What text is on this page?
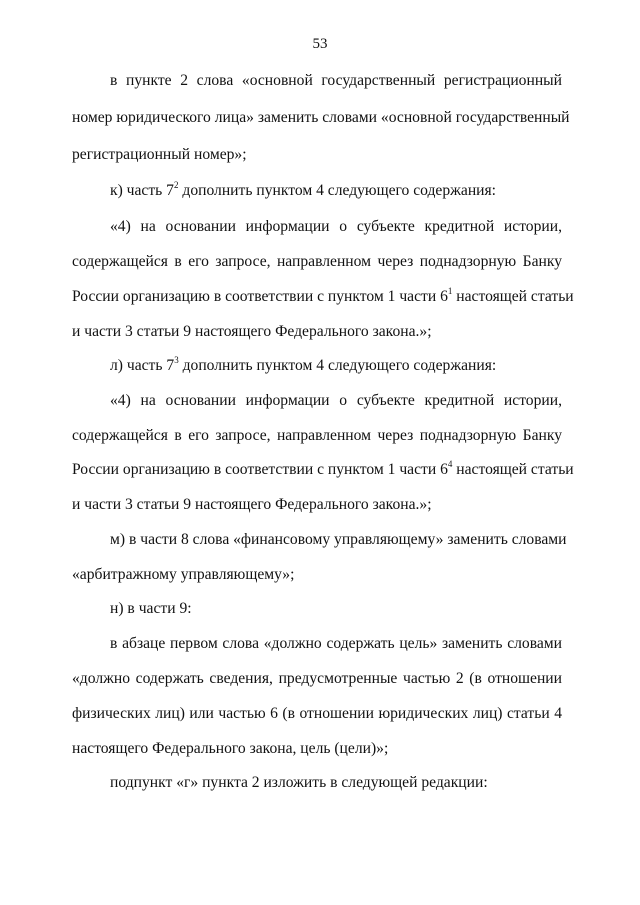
53
в пункте 2 слова «основной государственный регистрационный
номер юридического лица» заменить словами «основной государственный
регистрационный номер»;
к) часть $7^2$ дополнить пунктом 4 следующего содержания:
«4) на основании информации о субъекте кредитной истории,
содержащейся в его запросе, направленном через поднадзорную Банку
России организацию в соответствии с пунктом 1 части $6^1$ настоящей статьи
и части 3 статьи 9 настоящего Федерального закона.»;
л) часть $7^3$ дополнить пунктом 4 следующего содержания:
«4) на основании информации о субъекте кредитной истории,
содержащейся в его запросе, направленном через поднадзорную Банку
России организацию в соответствии с пунктом 1 части $6^4$ настоящей статьи
и части 3 статьи 9 настоящего Федерального закона.»;
м) в части 8 слова «финансовому управляющему» заменить словами
«арбитражному управляющему»;
н) в части 9:
в абзаце первом слова «должно содержать цель» заменить словами
«должно содержать сведения, предусмотренные частью 2 (в отношении
физических лиц) или частью 6 (в отношении юридических лиц) статьи 4
настоящего Федерального закона, цель (цели)»;
подпункт «г» пункта 2 изложить в следующей редакции:
